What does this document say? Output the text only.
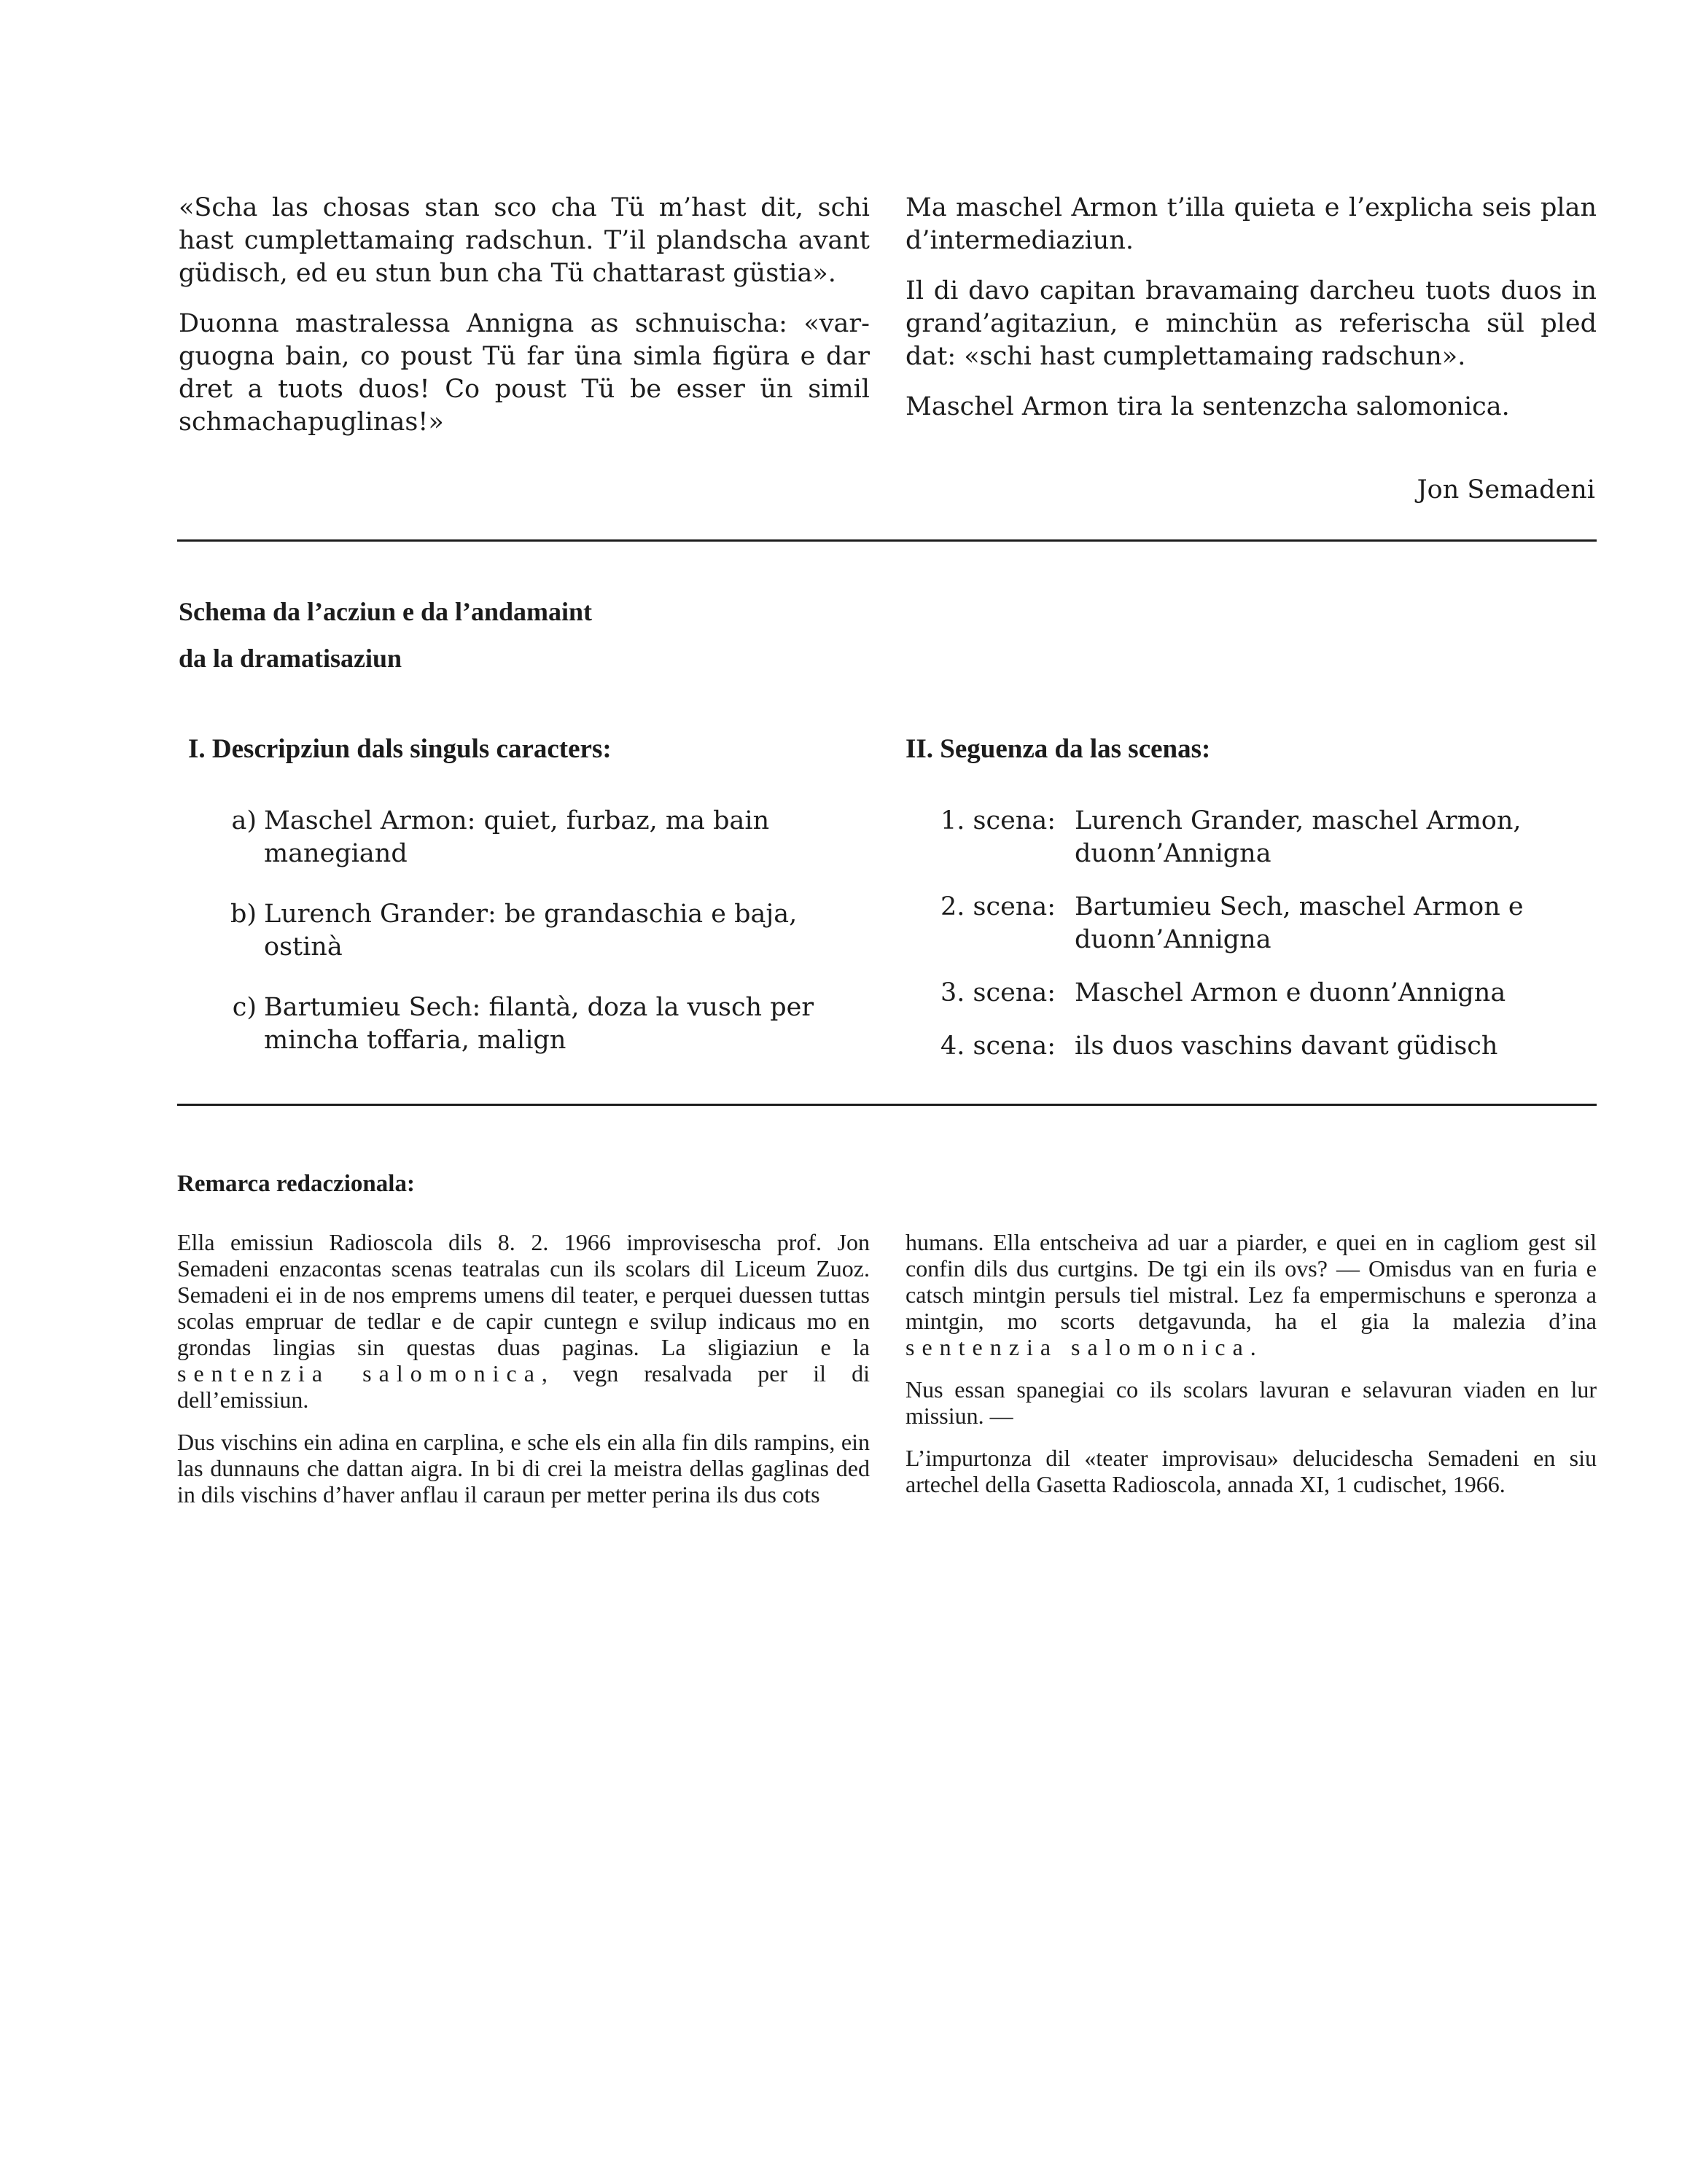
«Scha las chosas stan sco cha Tü m’hast dit, schi hast cumplettamaing radschun. T’il plandscha avant güdisch, ed eu stun bun cha Tü chattarast güstia».

Duonna mastralessa Annigna as schnuischa: «varguogna bain, co poust Tü far üna simla figüra e dar dret a tuots duos! Co poust Tü be esser ün simil schmachapuglinas!»

Ma maschel Armon t’illa quieta e l’explicha seis plan d’intermediaziun.

Il di davo capitan bravamaing darcheu tuots duos in grand’agitaziun, e minchün as referischa sül pled dat: «schi hast cumplettamaing radschun».

Maschel Armon tira la sentenzcha salomonica.

Jon Semadeni

Schema da l’acziun e da l’andamaint

da la dramatisaziun

I. Descripziun dals singuls caracters:	II. Seguenza da las scenas:

a) Maschel Armon: quiet, furbaz, ma bain manegiand
b) Lurench Grander: be grandaschia e baja, ostinà
c) Bartumieu Sech: filantà, doza la vusch per mincha toffaria, malign
1. scena: Lurench Grander, maschel Armon, duonn’Annigna
2. scena: Bartumieu Sech, maschel Armon e duonn’Annigna
3. scena: Maschel Armon e duonn’Annigna
4. scena: ils duos vaschins davant güdisch

Remarca redaczionala:

Ella emissiun Radioscola dils 8. 2. 1966 improvisescha prof. Jon Semadeni enzacontas scenas teatralas cun ils scolars dil Liceum Zuoz. Semadeni ei in de nos emprems umens dil teater, e perquei duessen tuttas scolas empruar de tedlar e de capir cuntegn e svilup indicaus mo en grondas lingias sin questas duas paginas. La sligiaziun e la sentenzia salomonica, vegn resalvada per il di dell’emissiun.

Dus vischins ein adina en carplina, e sche els ein alla fin dils rampins, ein las dunnauns che dattan aigra. In bi di crei la meistra dellas gaglinas ded in dils vischins d’haver anflau il caraun per metter perina ils dus cots

humans. Ella entscheiva ad uar a piarder, e quei en in cagliom gest sil confin dils dus curtgins. De tgi ein ils ovs? — Omisdus van en furia e catsch mintgin persuls tiel mistral. Lez fa empermischuns e speronza a mintgin, mo scorts detgavunda, ha el gia la malezia d’ina sentenzia salomonica.

Nus essan spanegiai co ils scolars lavuran e selavuran viaden en lur missiun. —

L’impurtonza dil «teater improvisau» delucidescha Semadeni en siu artechel della Gasetta Radioscola, annada XI, 1 cudischet, 1966.
